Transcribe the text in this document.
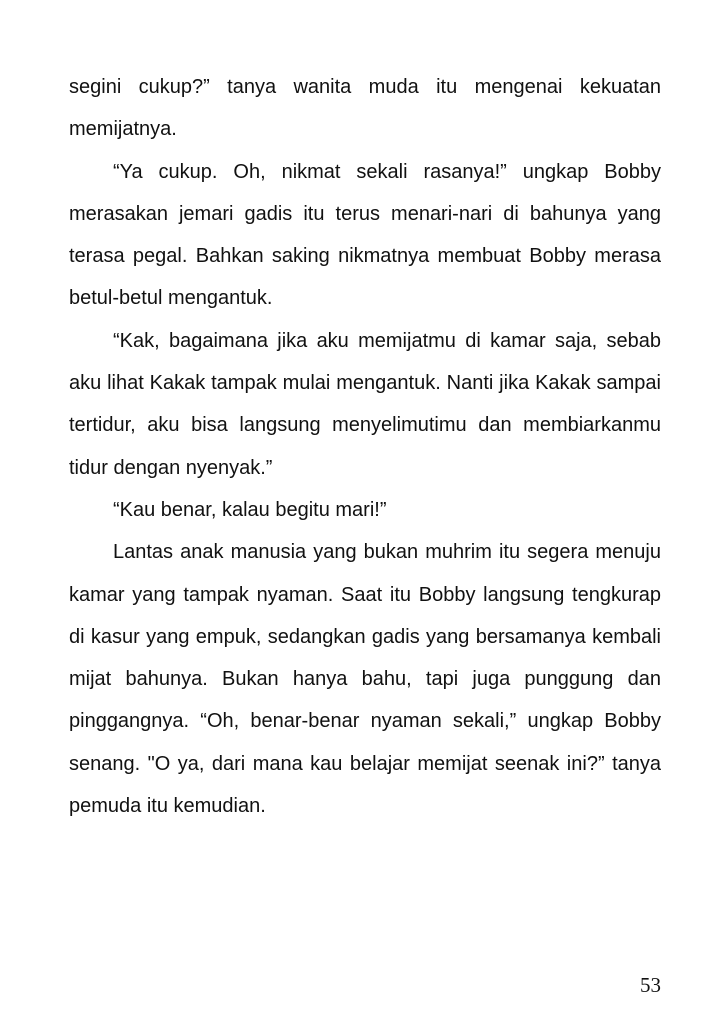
segini cukup?” tanya wanita muda itu mengenai kekuatan memijatnya.

“Ya cukup. Oh, nikmat sekali rasanya!” ungkap Bobby merasakan jemari gadis itu terus menari-nari di bahunya yang terasa pegal. Bahkan saking nikmatnya membuat Bobby merasa betul-betul mengantuk.

“Kak, bagaimana jika aku memijatmu di kamar saja, sebab aku lihat Kakak tampak mulai mengantuk. Nanti jika Kakak sampai tertidur, aku bisa langsung menyelimutimu dan membiarkanmu tidur dengan nyenyak.”

“Kau benar, kalau begitu mari!”

Lantas anak manusia yang bukan muhrim itu segera menuju kamar yang tampak nyaman. Saat itu Bobby langsung tengkurap di kasur yang empuk, sedangkan gadis yang bersamanya kembali mijat bahunya. Bukan hanya bahu, tapi juga punggung dan pinggangnya. “Oh, benar-benar nyaman sekali,” ungkap Bobby senang. "O ya, dari mana kau belajar memijat seenak ini?” tanya pemuda itu kemudian.

53
